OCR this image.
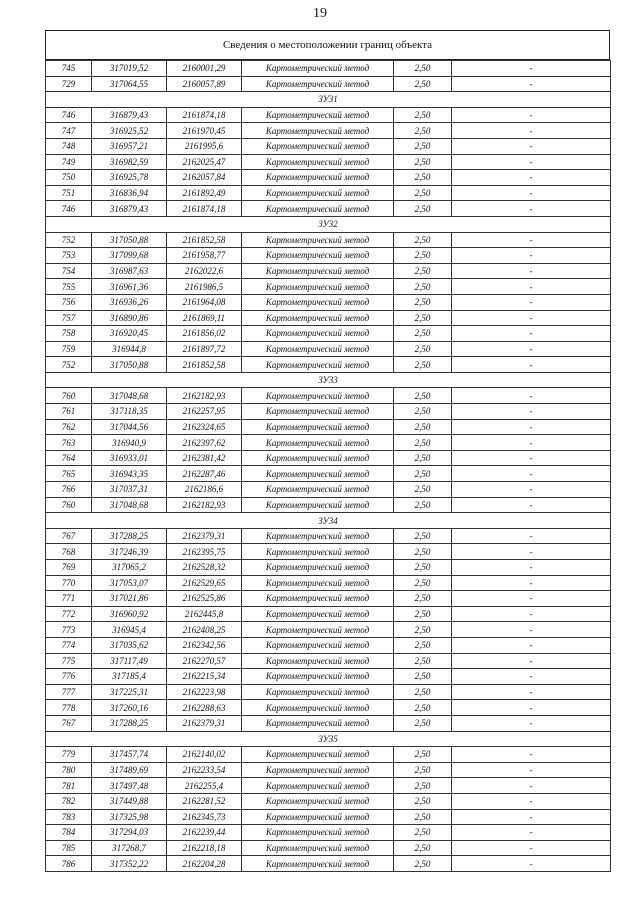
19
Сведения о местоположении границ объекта
745	317019,52	2160001,29	Картометрический метод	2,50	-
729	317064,55	2160057,89	Картометрический метод	2,50	-
ЗУ31					
746	316879,43	2161874,18	Картометрический метод	2,50	-
747	316925,52	2161970,45	Картометрический метод	2,50	-
748	316957,21	2161995,6	Картометрический метод	2,50	-
749	316982,59	2162025,47	Картометрический метод	2,50	-
750	316925,78	2162057,84	Картометрический метод	2,50	-
751	316836,94	2161892,49	Картометрический метод	2,50	-
746	316879,43	2161874,18	Картометрический метод	2,50	-
ЗУ32					
752	317050,88	2161852,58	Картометрический метод	2,50	-
753	317099,68	2161958,77	Картометрический метод	2,50	-
754	316987,63	2162022,6	Картометрический метод	2,50	-
755	316961,36	2161986,5	Картометрический метод	2,50	-
756	316936,26	2161964,08	Картометрический метод	2,50	-
757	316890,86	2161869,11	Картометрический метод	2,50	-
758	316920,45	2161856,02	Картометрический метод	2,50	-
759	316944,8	2161897,72	Картометрический метод	2,50	-
752	317050,88	2161852,58	Картометрический метод	2,50	-
ЗУ33					
760	317048,68	2162182,93	Картометрический метод	2,50	-
761	317118,35	2162257,95	Картометрический метод	2,50	-
762	317044,56	2162324,65	Картометрический метод	2,50	-
763	316940,9	2162397,62	Картометрический метод	2,50	-
764	316933,01	2162381,42	Картометрический метод	2,50	-
765	316943,35	2162287,46	Картометрический метод	2,50	-
766	317037,31	2162186,6	Картометрический метод	2,50	-
760	317048,68	2162182,93	Картометрический метод	2,50	-
ЗУ34					
767	317288,25	2162379,31	Картометрический метод	2,50	-
768	317246,39	2162395,75	Картометрический метод	2,50	-
769	317065,2	2162528,32	Картометрический метод	2,50	-
770	317053,07	2162529,65	Картометрический метод	2,50	-
771	317021,86	2162525,86	Картометрический метод	2,50	-
772	316960,92	2162445,8	Картометрический метод	2,50	-
773	316945,4	2162408,25	Картометрический метод	2,50	-
774	317035,62	2162342,56	Картометрический метод	2,50	-
775	317117,49	2162270,57	Картометрический метод	2,50	-
776	317185,4	2162215,34	Картометрический метод	2,50	-
777	317225,31	2162223,98	Картометрический метод	2,50	-
778	317260,16	2162288,63	Картометрический метод	2,50	-
767	317288,25	2162379,31	Картометрический метод	2,50	-
ЗУ35					
779	317457,74	2162140,02	Картометрический метод	2,50	-
780	317489,69	2162233,54	Картометрический метод	2,50	-
781	317497,48	2162255,4	Картометрический метод	2,50	-
782	317449,88	2162281,52	Картометрический метод	2,50	-
783	317325,98	2162345,73	Картометрический метод	2,50	-
784	317294,03	2162239,44	Картометрический метод	2,50	-
785	317268,7	2162218,18	Картометрический метод	2,50	-
786	317352,22	2162204,28	Картометрический метод	2,50	-
